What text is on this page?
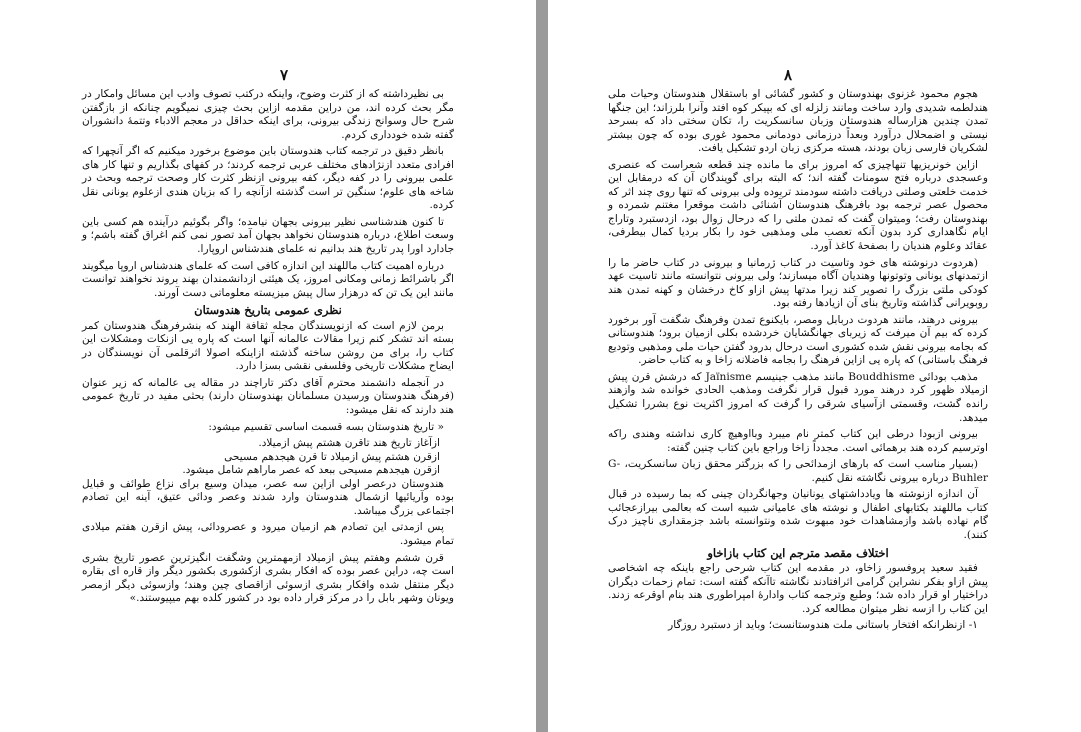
۷

بی نظیرداشته که از کثرت وضوح، واینکه درکتب تصوف وادب این مسائل وامکار در مگر بحث کرده اند، من دراین مقدمه ازاین بحث چیزی نمیگویم چنانکه از بازگفتن شرح حال وسوانح زندگی بیرونی، برای اینکه حداقل در معجم الادباء وتتمهٔ دانشوران گفته شده خودداری کردم.

بانظر دقیق در ترجمه کتاب هندوستان باین موضوع برخورد میکنیم که اگر آنچهرا که افرادی متعدد ازنژادهای مختلف عربی ترجمه کردند؛ در کفهای بگذاریم و تنها کار های علمی بیرونی را در کفه دیگر، کفه بیرونی ازنظر کثرت کار وصحت ترجمه وبحث در شاخه های علوم؛ سنگین تر است گذشته ازآنچه را که بزبان هندی ازعلوم یونانی نقل کرده.

تا کنون هندشناسی نظیر بیرونی بجهان نیامده؛ واگر بگوئیم درآینده هم کسی باین وسعت اطلاع، درباره هندوستان نخواهد بجهان آمد تصور نمی کنم اغراق گفته باشم؛ و جادارد اورا پدر تاریخ هند بدانیم نه علمای هندشناس اروپارا.

درباره اهمیت کتاب ماللهند این اندازه کافی است که علمای هندشناس اروپا میگویند اگر باشرائط زمانی ومکانی امروز، یک هیئتی ازدانشمندان بهند بروند نخواهند توانست مانند این یک تن که درهزار سال پیش میزیسته معلوماتی دست آورند.

نظری عمومی بتاریخ هندوستان

برمن لازم است که ازنویسندگان مجله ثقافة الهند که بنشرفرهنگ هندوستان کمر بسته اند تشکر کنم زیرا مقالات عالمانه آنها است که پاره یی ازنکات ومشکلات این کتاب را، برای من روشن ساخته گذشته ازاینکه اصولا اثرقلمی آن نویسندگان در ایضاح مشکلات تاریخی وفلسفی نقشی بسزا دارد.

در آنجمله دانشمند محترم آقای دکتر تاراچند در مقاله یی عالمانه که زیر عنوان (فرهنگ هندوستان ورسیدن مسلمانان بهندوستان دارند) بحثی مفید در تاریخ عمومی هند دارند که نقل میشود:

« تاریخ هندوستان بسه قسمت اساسی تقسیم میشود:

ازآغاز تاریخ هند تاقرن هشتم پیش ازمیلاد.

ازقرن هشتم پیش ازمیلاد تا قرن هیجدهم مسیحی

ازقرن هیجدهم مسیحی ببعد که عصر ماراهم شامل میشود.

هندوستان درعصر اولی ازاین سه عصر، میدان وسیع برای نزاع طوائف و قبایل بوده وآریائیها ازشمال هندوستان وارد شدند وعصر ودائی عتیق، آینه این تصادم اجتماعی بزرگ میباشد.

پس ازمدتی این تصادم هم ازمیان میرود و عصرودائی، پیش ازقرن هفتم میلادی تمام میشود.

قرن ششم وهفتم پیش ازمیلاد ازمهمترین وشگفت انگیزترین عصور تاریخ بشری است چه، دراین عصر بوده که افکار بشری ازکشوری بکشور دیگر واز قاره ای بقاره دیگر منتقل شده وافکار بشری ازسوئی ازاقصای چین وهند؛ وازسوئی دیگر ازمصر ویونان وشهر بابل را در مرکز قرار داده بود در کشور کلده بهم میپیوستند.»

۸

هجوم محمود غزنوی بهندوستان و کشور گشائی او باستقلال هندوستان وحیات ملی هندلطمه شدیدی وارد ساخت ومانند زلزله ای که بپیکر کوه افتد وآنرا بلرزاند؛ این جنگها تمدن چندین هزارساله هندوستان وزبان سانسکریت را، تکان سختی داد که بسرحد نیستی و اضمحلال درآورد وبعداً درزمانی دودمانی محمود غوری بوده که چون بیشتر لشکریان فارسی زبان بودند، هسته مرکزی زبان اردو تشکیل یافت.

ازاین خونریزیها تنهاچیزی که امروز برای ما مانده چند قطعه شعراست که عنصری وعسجدی درباره فتح سومنات گفته اند؛ که البته برای گویندگان آن که درمقابل این خدمت خلعتی وصلتی دریافت داشته سودمند تربوده ولی بیرونی که تنها روی چند اثر که محصول عصر ترجمه بود بافرهنگ هندوستان آشنائی داشت موقعرا مغتنم شمرده و بهندوستان رفت؛ ومیتوان گفت که تمدن ملتی را که درحال زوال بود، ازدستبرد وتاراج ایام نگاهداری کرد بدون آنکه تعصب ملی ومذهبی خود را بکار بردیا کمال بیطرفی، عقائد وعلوم هندیان را بصفحهٔ کاغذ آورد.

(هردوت درنوشته های خود وتاسیت در کتاب ژرمانیا و بیرونی در کتاب حاضر ما را ازتمدنهای یونانی وتوتونها وهندیان آگاه میسازند؛ ولی بیرونی نتوانسته مانند تاسیت عهد کودکی ملتی بزرگ را تصویر کند زیرا مدتها پیش ازاو کاخ درخشان و کهنه تمدن هند روبویرانی گذاشته وتاریخ بنای آن ازیادها رفته بود.

بیرونی درهند، مانند هردوت دربابل ومصر، بایکنوع تمدن وفرهنگ شگفت آور برخورد کرده که بیم آن میرفت که زیربای جهانگشایان خردشده بکلی ازمیان برود؛ هندوستانی که بجامه بیرونی نقش شده کشوری است درحال بدرود گفتن حیات ملی ومذهبی وتودیع فرهنگ باستانی) که پاره یی ازاین فرهنگ را بجامه فاضلانه زاخا و به کتاب حاضر.

مذهب بودائی Bouddhisme مانند مذهب جینیسم Jaïnisme که درشش قرن پیش ازمیلاد ظهور کرد درهند مورد قبول قرار نگرفت ومذهب الحادی خوانده شد وازهند رانده گشت، وقسمتی ازآسیای شرقی را گرفت که امروز اکثریت نوع بشررا تشکیل میدهد.

بیرونی ازبودا درطی این کتاب کمتر نام میبرد وبااوهیچ کاری نداشته وهندی راکه اوترسیم کرده هند برهمائی است. مجدداً زاخا وراجع باین کتاب چنین گفته:

(بسیار مناسب است که بارهای ازمدائحی را که بزرگتر محقق زبان سانسکریت، G-Buhler درباره بیرونی نگاشته نقل کنیم.

آن اندازه ازنوشته ها ویادداشتهای یونانیان وجهانگردان چینی که بما رسیده در قبال کتاب ماللهند بکتابهای اطفال و نوشته های عامیانی شبیه است که بعالمی بیرازعجائب گام نهاده باشد وازمشاهدات خود مبهوت شده ونتوانسته باشد جزمقداری ناچیز درک کنند).

اختلاف مقصد مترجم این کتاب بازاخاو

فقید سعید پروفسور زاخاو، در مقدمه این کتاب شرحی راجع باینکه چه اشخاصی پیش ازاو بفکر نشراین گرامی اثرافتادند نگاشته تاآنکه گفته است: تمام زحمات دیگران دراختیار او قرار داده شد؛ وطبع وترجمه کتاب وادارهٔ امپراطوری هند بنام اوقرعه زدند. این کتاب را ازسه نظر میتوان مطالعه کرد.

۱- ازنظرانکه افتخار باستانی ملت هندوستانست؛ وباید از دستبرد روزگار
